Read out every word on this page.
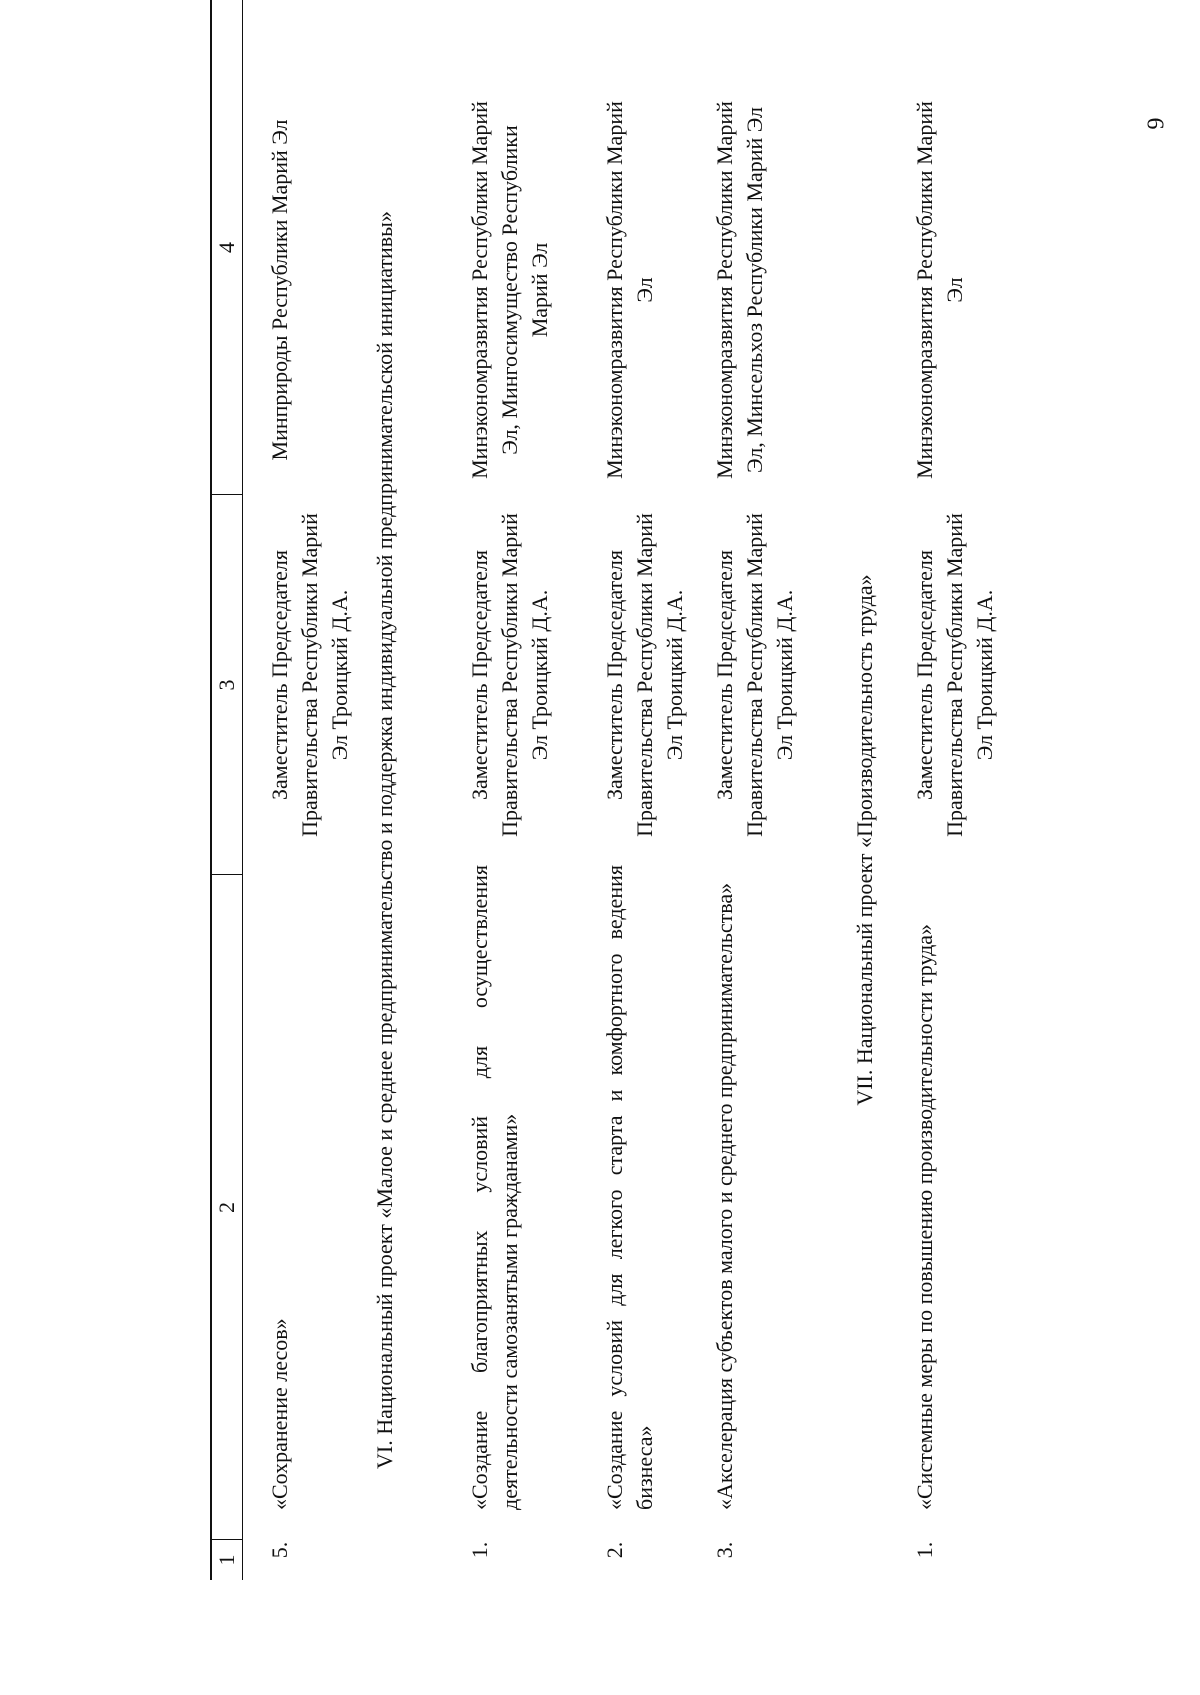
6
1
2
3
4
5.
«Сохранение лесов»
Заместитель Председателя Правительства Республики Марий Эл Троицкий Д.А.
Минприроды Республики Марий Эл	VI. Национальный проект «Малое и среднее предпринимательство и поддержка индивидуальной предпринимательской инициативы»
1.
«Создание благоприятных условий для осуществления деятельности самозанятыми гражданами»
Заместитель Председателя Правительства Республики Марий Эл Троицкий Д.А.
Минэкономразвития Республики Марий Эл, Мингосимущество Республики Марий Эл
2.
«Создание условий для легкого старта и комфортного ведения бизнеса»
Заместитель Председателя Правительства Республики Марий Эл Троицкий Д.А.
Минэкономразвития Республики Марий Эл
3.
«Акселерация субъектов малого и среднего предпринимательства»
Заместитель Председателя Правительства Республики Марий Эл Троицкий Д.А.
Минэкономразвития Республики Марий Эл, Минсельхоз Республики Марий Эл
VII. Национальный проект «Производительность труда»
1.
«Системные меры по повышению производительности труда»
Заместитель Председателя Правительства Республики Марий Эл Троицкий Д.А.
Минэкономразвития Республики Марий Эл
